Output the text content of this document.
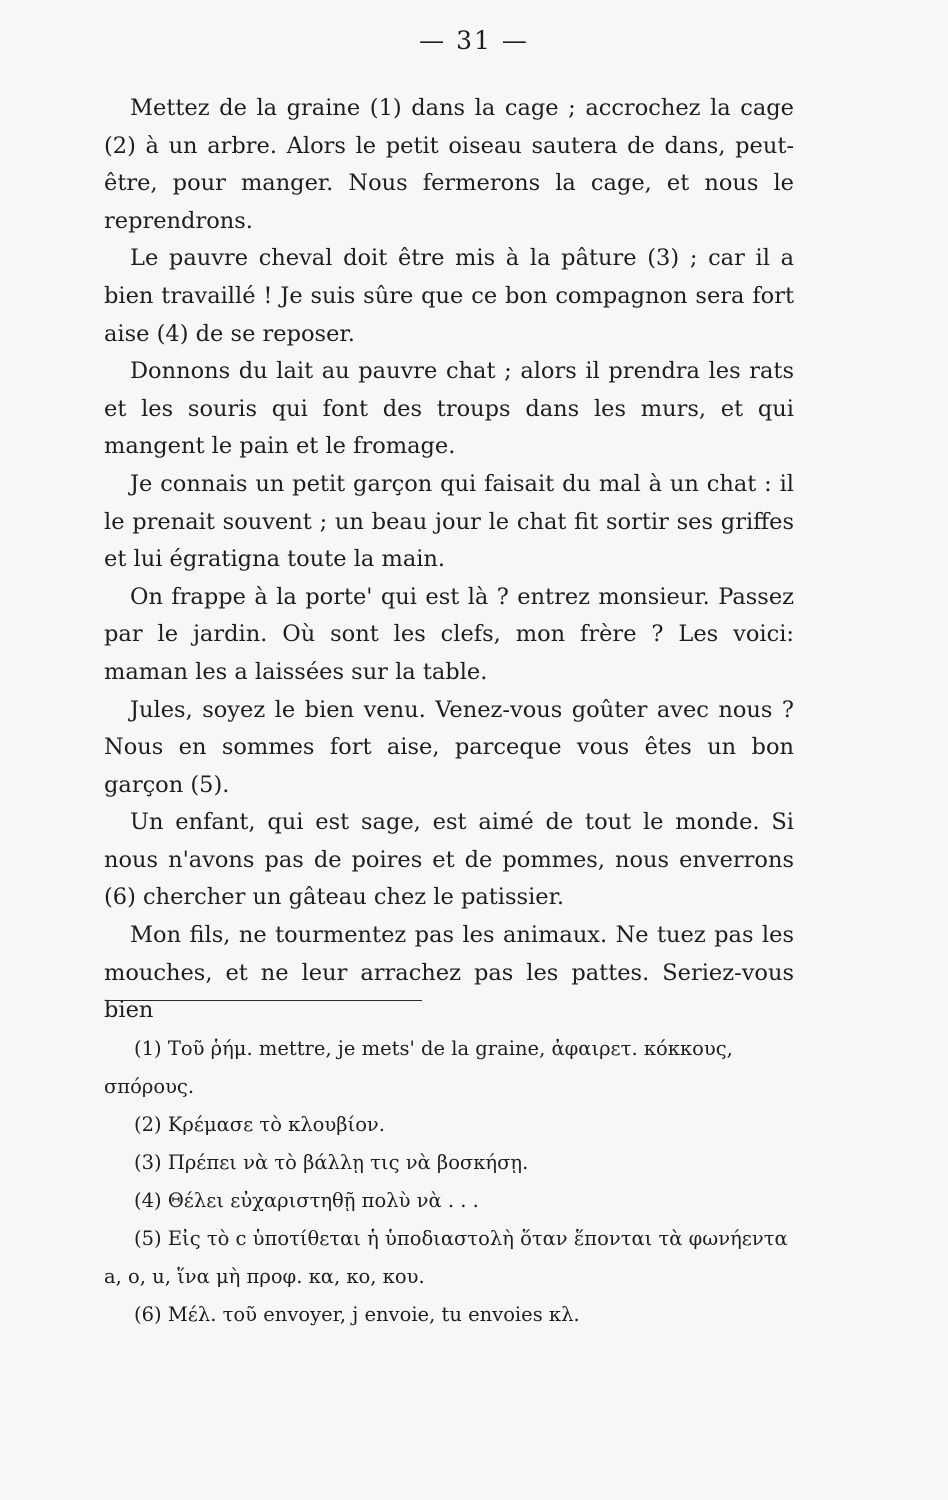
— 31 —

Mettez de la graine (1) dans la cage ; accrochez la cage (2) à un arbre. Alors le petit oiseau sautera de dans, peut-être, pour manger. Nous fermerons la cage, et nous le reprendrons.

Le pauvre cheval doit être mis à la pâture (3) ; car il a bien travaillé ! Je suis sûre que ce bon compagnon sera fort aise (4) de se reposer.

Donnons du lait au pauvre chat ; alors il prendra les rats et les souris qui font des troups dans les murs, et qui mangent le pain et le fromage.

Je connais un petit garçon qui faisait du mal à un chat : il le prenait souvent ; un beau jour le chat fit sortir ses griffes et lui égratigna toute la main.

On frappe à la porte' qui est là ? entrez monsieur. Passez par le jardin. Où sont les clefs, mon frère ? Les voici: maman les a laissées sur la table.

Jules, soyez le bien venu. Venez-vous goûter avec nous ? Nous en sommes fort aise, parceque vous êtes un bon garçon (5).

Un enfant, qui est sage, est aimé de tout le monde. Si nous n'avons pas de poires et de pommes, nous enverrons (6) chercher un gâteau chez le patissier.

Mon fils, ne tourmentez pas les animaux. Ne tuez pas les mouches, et ne leur arrachez pas les pattes. Seriez-vous bien

(1) Τοῦ ῥήμ. mettre, je mets' de la graine, ἀφαιρετ. κόκκους, σπόρους.

(2) Κρέμασε τὸ κλουβίον.

(3) Πρέπει νὰ τὸ βάλλῃ τις νὰ βοσκήσῃ.

(4) Θέλει εὐχαριστηθῇ πολὺ νὰ . . .

(5) Εἰς τὸ c ὑποτίθεται ἡ ὑποδιαστολὴ ὅταν ἕπονται τὰ φωνήεντα a, o, u, ἵνα μὴ προφ. κα, κο, κου.

(6) Μέλ. τοῦ envoyer, j envoie, tu envoies κλ.
